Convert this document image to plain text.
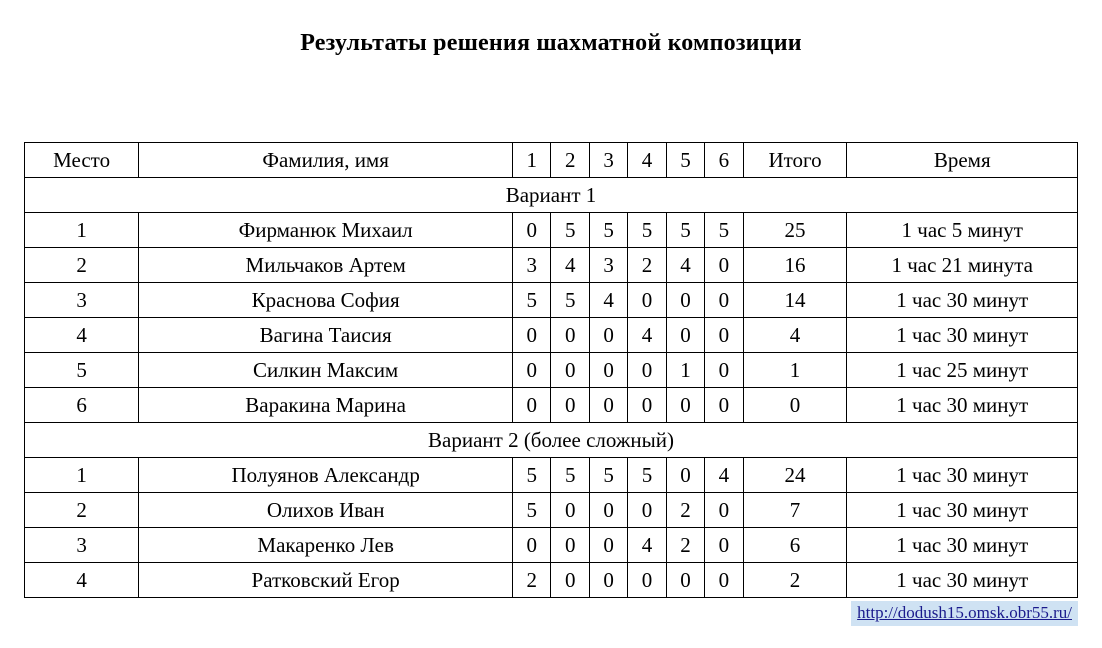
Результаты решения шахматной композиции
Место	Фамилия, имя	1	2	3	4	5	6	Итого	Время
Вариант 1									
1	Фирманюк Михаил	0	5	5	5	5	5	25	1 час 5 минут
2	Мильчаков Артем	3	4	3	2	4	0	16	1 час 21 минута
3	Краснова София	5	5	4	0	0	0	14	1 час 30 минут
4	Вагина Таисия	0	0	0	4	0	0	4	1 час 30 минут
5	Силкин Максим	0	0	0	0	1	0	1	1 час 25 минут
6	Варакина Марина	0	0	0	0	0	0	0	1 час 30 минут
Вариант 2 (более сложный)									
1	Полуянов Александр	5	5	5	5	0	4	24	1 час 30 минут
2	Олихов Иван	5	0	0	0	2	0	7	1 час 30 минут
3	Макаренко Лев	0	0	0	4	2	0	6	1 час 30 минут
4	Ратковский Егор	2	0	0	0	0	0	2	1 час 30 минут
http://dodush15.omsk.obr55.ru/
